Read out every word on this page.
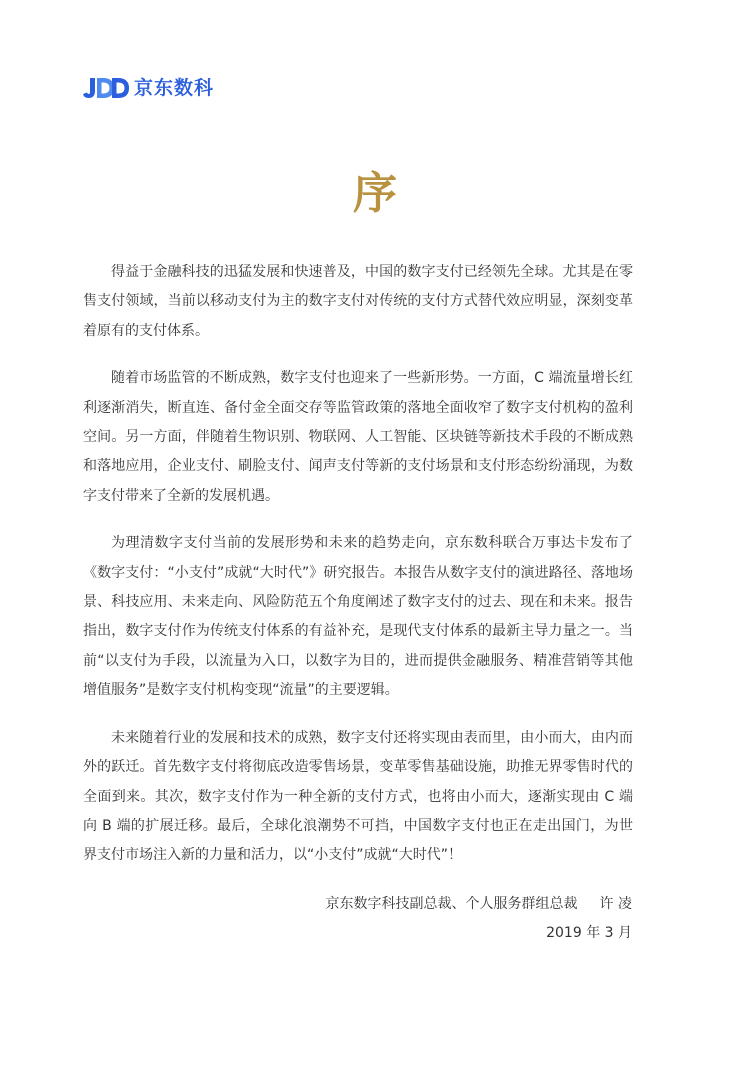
京东数科
序

得益于金融科技的迅猛发展和快速普及，中国的数字支付已经领先全球。尤其是在零售支付领域，当前以移动支付为主的数字支付对传统的支付方式替代效应明显，深刻变革着原有的支付体系。

随着市场监管的不断成熟，数字支付也迎来了一些新形势。一方面，C 端流量增长红利逐渐消失，断直连、备付金全面交存等监管政策的落地全面收窄了数字支付机构的盈利空间。另一方面，伴随着生物识别、物联网、人工智能、区块链等新技术手段的不断成熟和落地应用，企业支付、刷脸支付、闻声支付等新的支付场景和支付形态纷纷涌现，为数字支付带来了全新的发展机遇。

为理清数字支付当前的发展形势和未来的趋势走向，京东数科联合万事达卡发布了《数字支付：“小支付”成就“大时代”》研究报告。本报告从数字支付的演进路径、落地场景、科技应用、未来走向、风险防范五个角度阐述了数字支付的过去、现在和未来。报告指出，数字支付作为传统支付体系的有益补充，是现代支付体系的最新主导力量之一。当前“以支付为手段，以流量为入口，以数字为目的，进而提供金融服务、精准营销等其他增值服务”是数字支付机构变现“流量”的主要逻辑。

未来随着行业的发展和技术的成熟，数字支付还将实现由表而里，由小而大，由内而外的跃迁。首先数字支付将彻底改造零售场景，变革零售基础设施，助推无界零售时代的全面到来。其次，数字支付作为一种全新的支付方式，也将由小而大，逐渐实现由 C 端向 B 端的扩展迁移。最后，全球化浪潮势不可挡，中国数字支付也正在走出国门，为世界支付市场注入新的力量和活力，以“小支付”成就“大时代”！

京东数字科技副总裁、个人服务群组总裁 许 凌
2019 年 3 月
